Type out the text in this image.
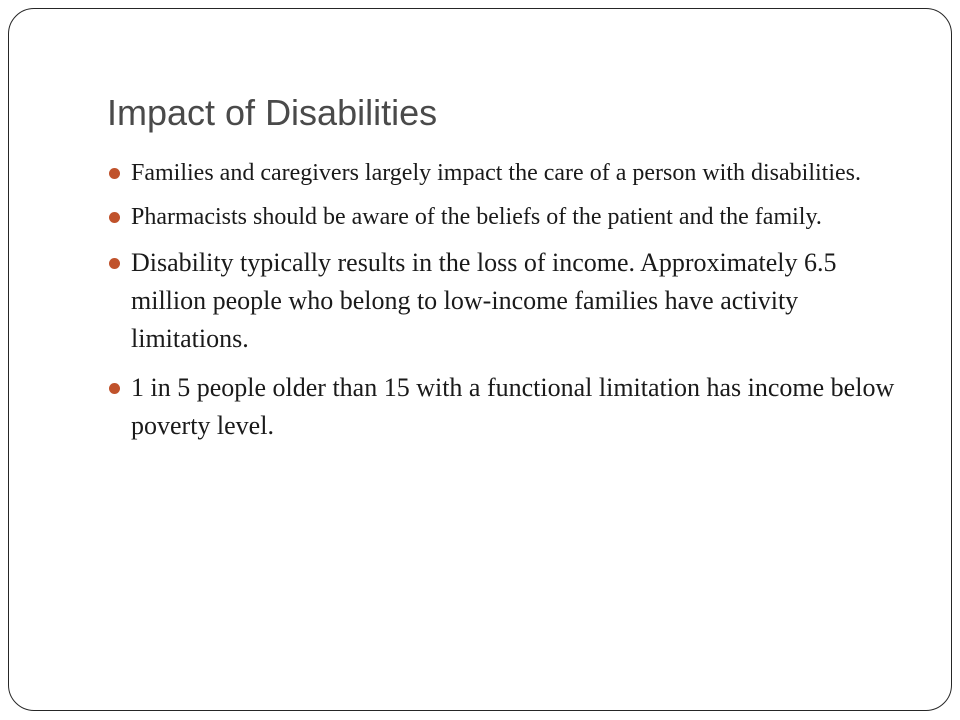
Impact of Disabilities
Families and caregivers largely impact the care of a person with disabilities.
Pharmacists should be aware of the beliefs of the patient and the family.
Disability typically results in the loss of income. Approximately 6.5 million people who belong to low-income families have activity limitations.
1 in 5 people older than 15 with a functional limitation has income below poverty level.
